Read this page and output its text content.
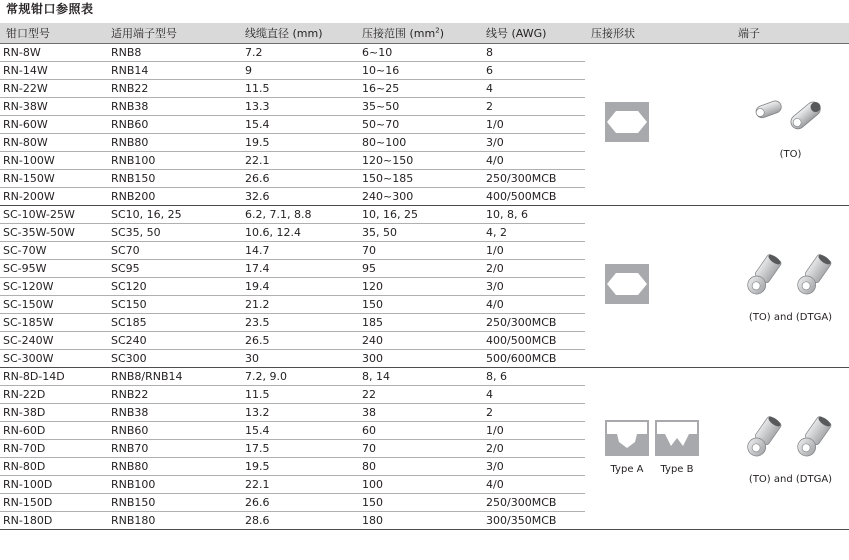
常规钳口参照表
钳口型号	适用端子型号	线缆直径 (mm)	压接范围 $(mm^2)$	线号 (AWG)	压接形状	端子
RN-8W	RNB8	7.2	6~10	8		(TO)

RN-14W	RNB14	9	10~16	6		
RN-22W	RNB22	11.5	16~25	4		
RN-38W	RNB38	13.3	35~50	2		
RN-60W	RNB60	15.4	50~70	1/0		
RN-80W	RNB80	19.5	80~100	3/0		
RN-100W	RNB100	22.1	120~150	4/0		
RN-150W	RNB150	26.6	150~185	250/300MCB		
RN-200W	RNB200	32.6	240~300	400/500MCB		
SC-10W-25W	SC10, 16, 25	6.2, 7.1, 8.8	10, 16, 25	10, 8, 6		(TO) and (DTGA)

SC-35W-50W	SC35, 50	10.6, 12.4	35, 50	4, 2		
SC-70W	SC70	14.7	70	1/0		
SC-95W	SC95	17.4	95	2/0		
SC-120W	SC120	19.4	120	3/0		
SC-150W	SC150	21.2	150	4/0		
SC-185W	SC185	23.5	185	250/300MCB		
SC-240W	SC240	26.5	240	400/500MCB		
SC-300W	SC300	30	300	500/600MCB		
RN-8D-14D	RNB8/RNB14	7.2, 9.0	8, 14	8, 6	Type A Type B	(TO) and (DTGA)

RN-22D	RNB22	11.5	22	4		
RN-38D	RNB38	13.2	38	2		
RN-60D	RNB60	15.4	60	1/0		
RN-70D	RNB70	17.5	70	2/0		
RN-80D	RNB80	19.5	80	3/0		
RN-100D	RNB100	22.1	100	4/0		
RN-150D	RNB150	26.6	150	250/300MCB		
RN-180D	RNB180	28.6	180	300/350MCB		
